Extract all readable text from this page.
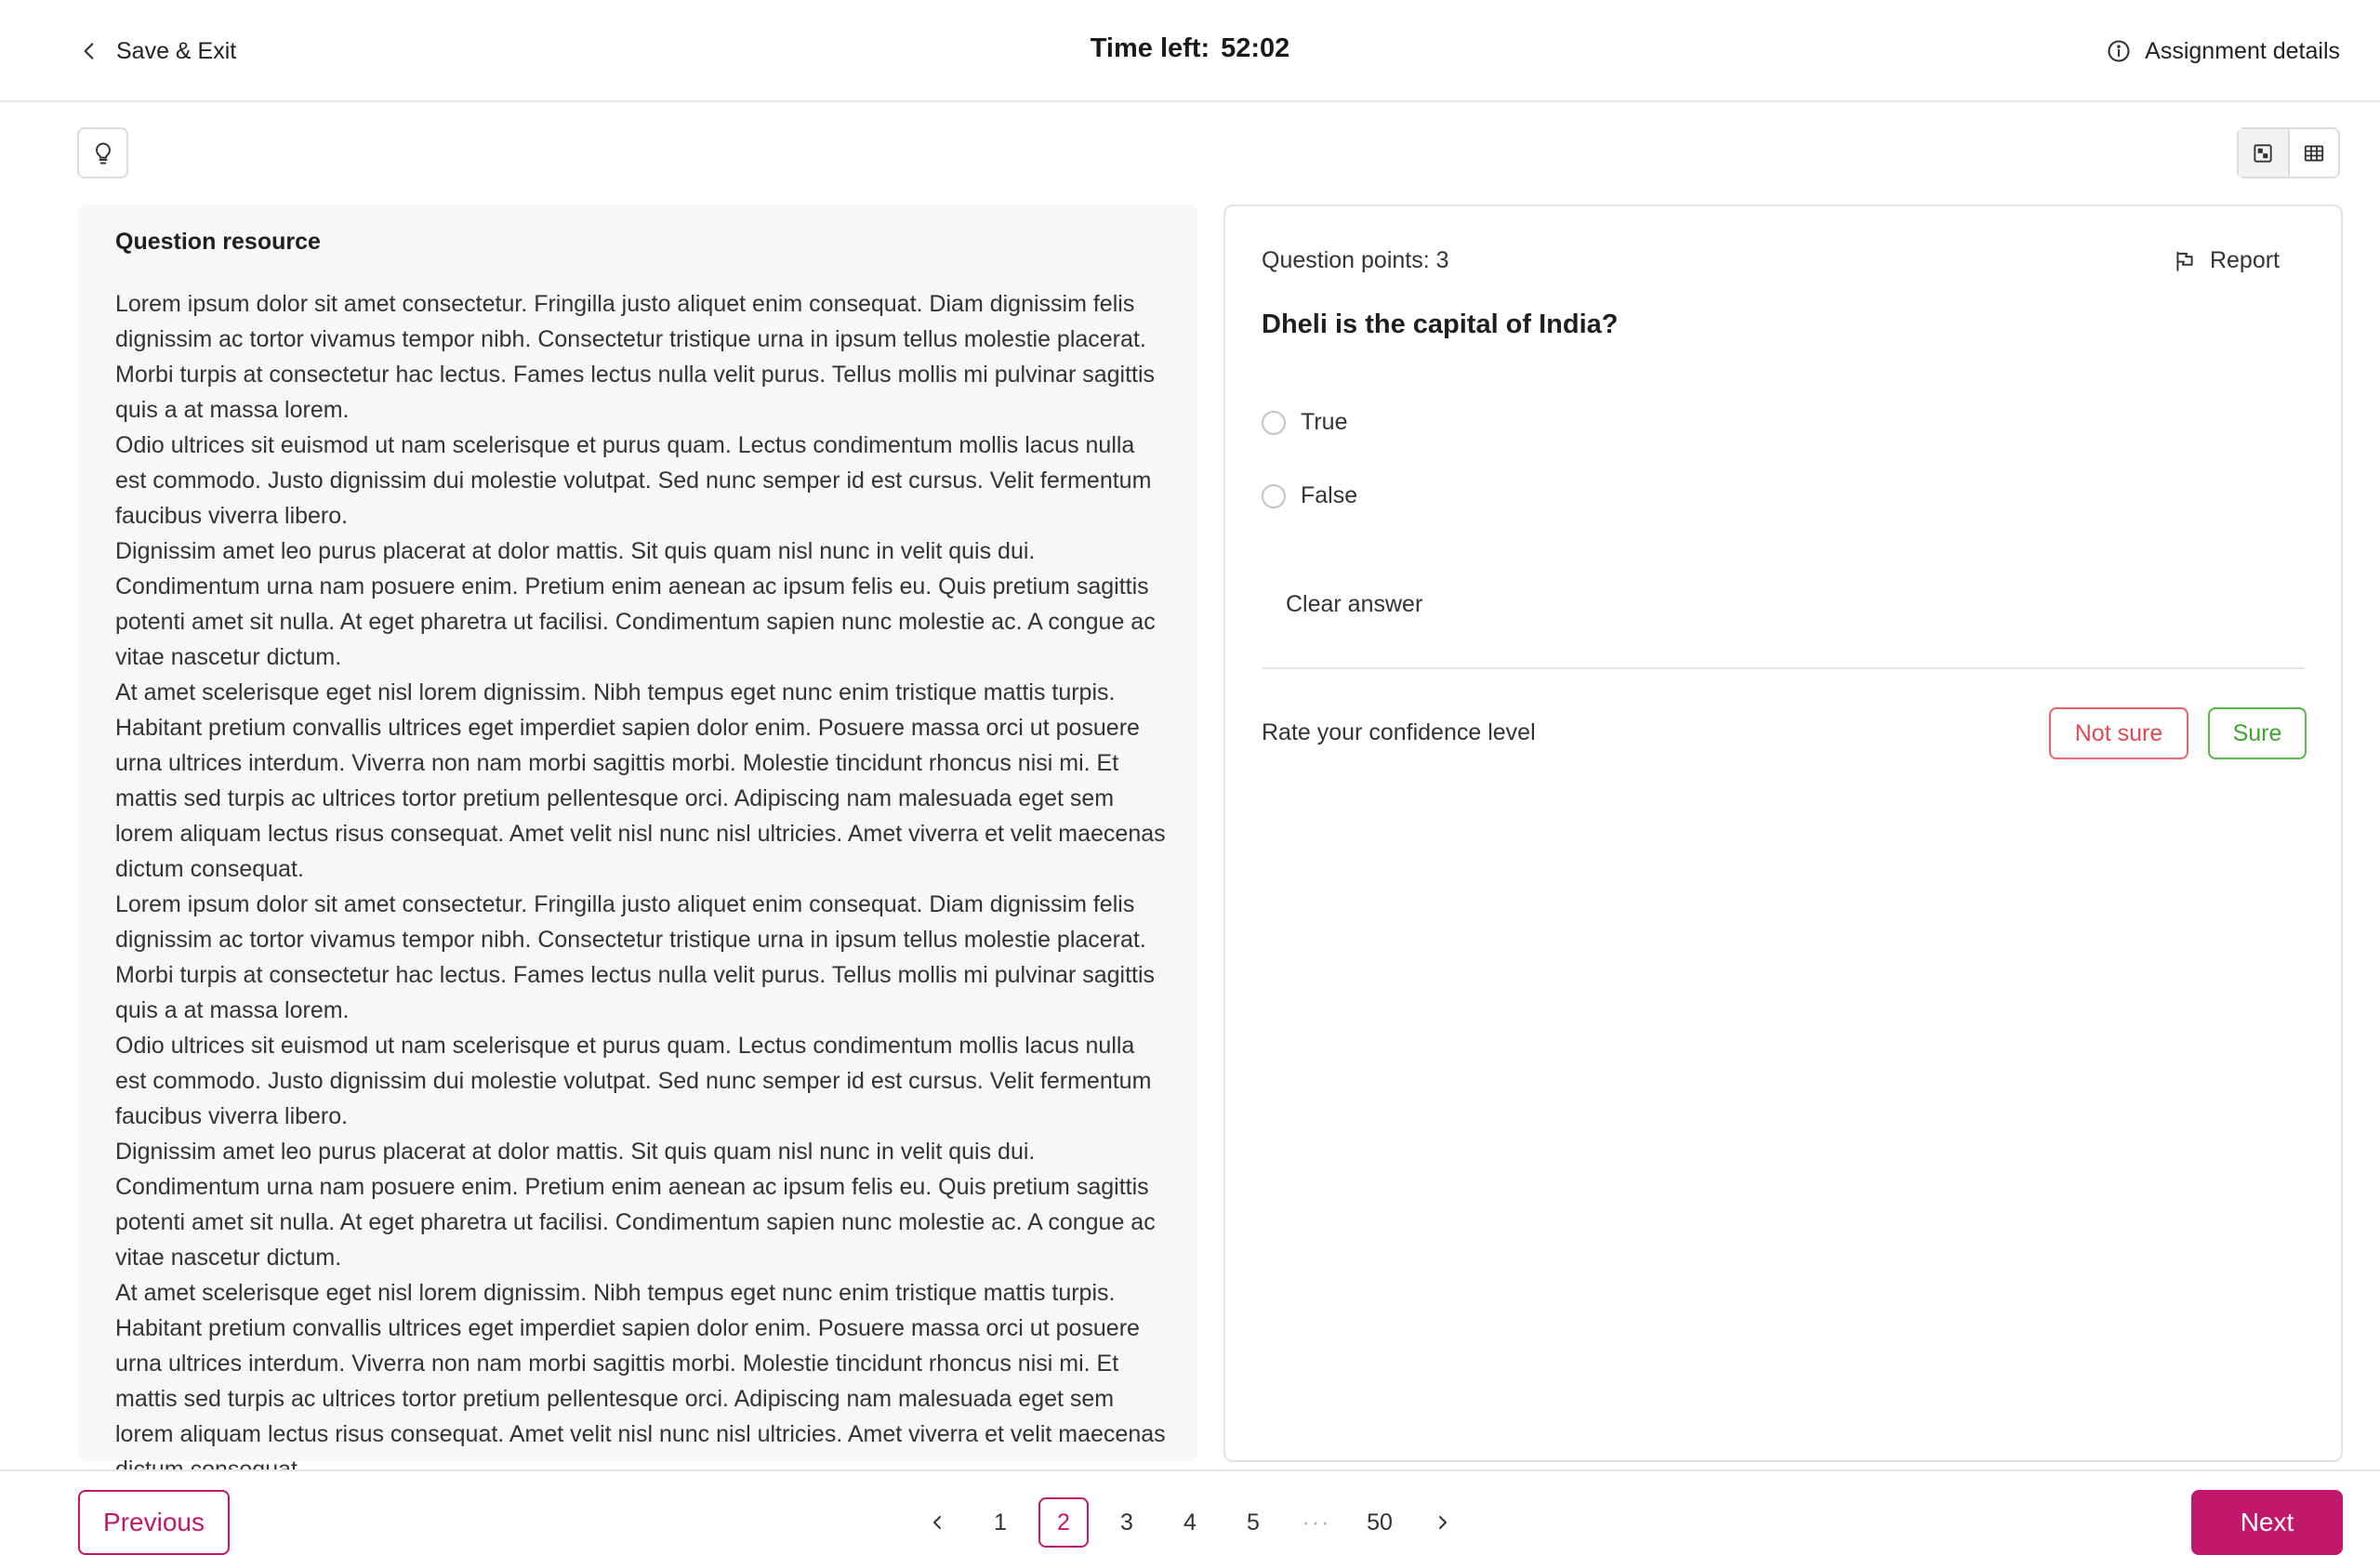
Save & Exit	Time left: 52:02	Assignment details
Question resource

Lorem ipsum dolor sit amet consectetur. Fringilla justo aliquet enim consequat. Diam dignissim felis dignissim ac tortor vivamus tempor nibh. Consectetur tristique urna in ipsum tellus molestie placerat. Morbi turpis at consectetur hac lectus. Fames lectus nulla velit purus. Tellus mollis mi pulvinar sagittis quis a at massa lorem.

Odio ultrices sit euismod ut nam scelerisque et purus quam. Lectus condimentum mollis lacus nulla est commodo. Justo dignissim dui molestie volutpat. Sed nunc semper id est cursus. Velit fermentum faucibus viverra libero.

Dignissim amet leo purus placerat at dolor mattis. Sit quis quam nisl nunc in velit quis dui. Condimentum urna nam posuere enim. Pretium enim aenean ac ipsum felis eu. Quis pretium sagittis potenti amet sit nulla. At eget pharetra ut facilisi. Condimentum sapien nunc molestie ac. A congue ac vitae nascetur dictum.

At amet scelerisque eget nisl lorem dignissim. Nibh tempus eget nunc enim tristique mattis turpis. Habitant pretium convallis ultrices eget imperdiet sapien dolor enim. Posuere massa orci ut posuere urna ultrices interdum. Viverra non nam morbi sagittis morbi. Molestie tincidunt rhoncus nisi mi. Et mattis sed turpis ac ultrices tortor pretium pellentesque orci. Adipiscing nam malesuada eget sem lorem aliquam lectus risus consequat. Amet velit nisl nunc nisl ultricies. Amet viverra et velit maecenas dictum consequat.

Lorem ipsum dolor sit amet consectetur. Fringilla justo aliquet enim consequat. Diam dignissim felis dignissim ac tortor vivamus tempor nibh. Consectetur tristique urna in ipsum tellus molestie placerat. Morbi turpis at consectetur hac lectus. Fames lectus nulla velit purus. Tellus mollis mi pulvinar sagittis quis a at massa lorem.

Odio ultrices sit euismod ut nam scelerisque et purus quam. Lectus condimentum mollis lacus nulla est commodo. Justo dignissim dui molestie volutpat. Sed nunc semper id est cursus. Velit fermentum faucibus viverra libero.

Dignissim amet leo purus placerat at dolor mattis. Sit quis quam nisl nunc in velit quis dui. Condimentum urna nam posuere enim. Pretium enim aenean ac ipsum felis eu. Quis pretium sagittis potenti amet sit nulla. At eget pharetra ut facilisi. Condimentum sapien nunc molestie ac. A congue ac vitae nascetur dictum.

At amet scelerisque eget nisl lorem dignissim. Nibh tempus eget nunc enim tristique mattis turpis. Habitant pretium convallis ultrices eget imperdiet sapien dolor enim. Posuere massa orci ut posuere urna ultrices interdum. Viverra non nam morbi sagittis morbi. Molestie tincidunt rhoncus nisi mi. Et mattis sed turpis ac ultrices tortor pretium pellentesque orci. Adipiscing nam malesuada eget sem lorem aliquam lectus risus consequat. Amet velit nisl nunc nisl ultricies. Amet viverra et velit maecenas

Question points: 3	Report
Dheli is the capital of India?
True
False
Clear answer
Rate your confidence level	Not sure	Sure
Previous	1	2	3	4	5	···	50	Next
